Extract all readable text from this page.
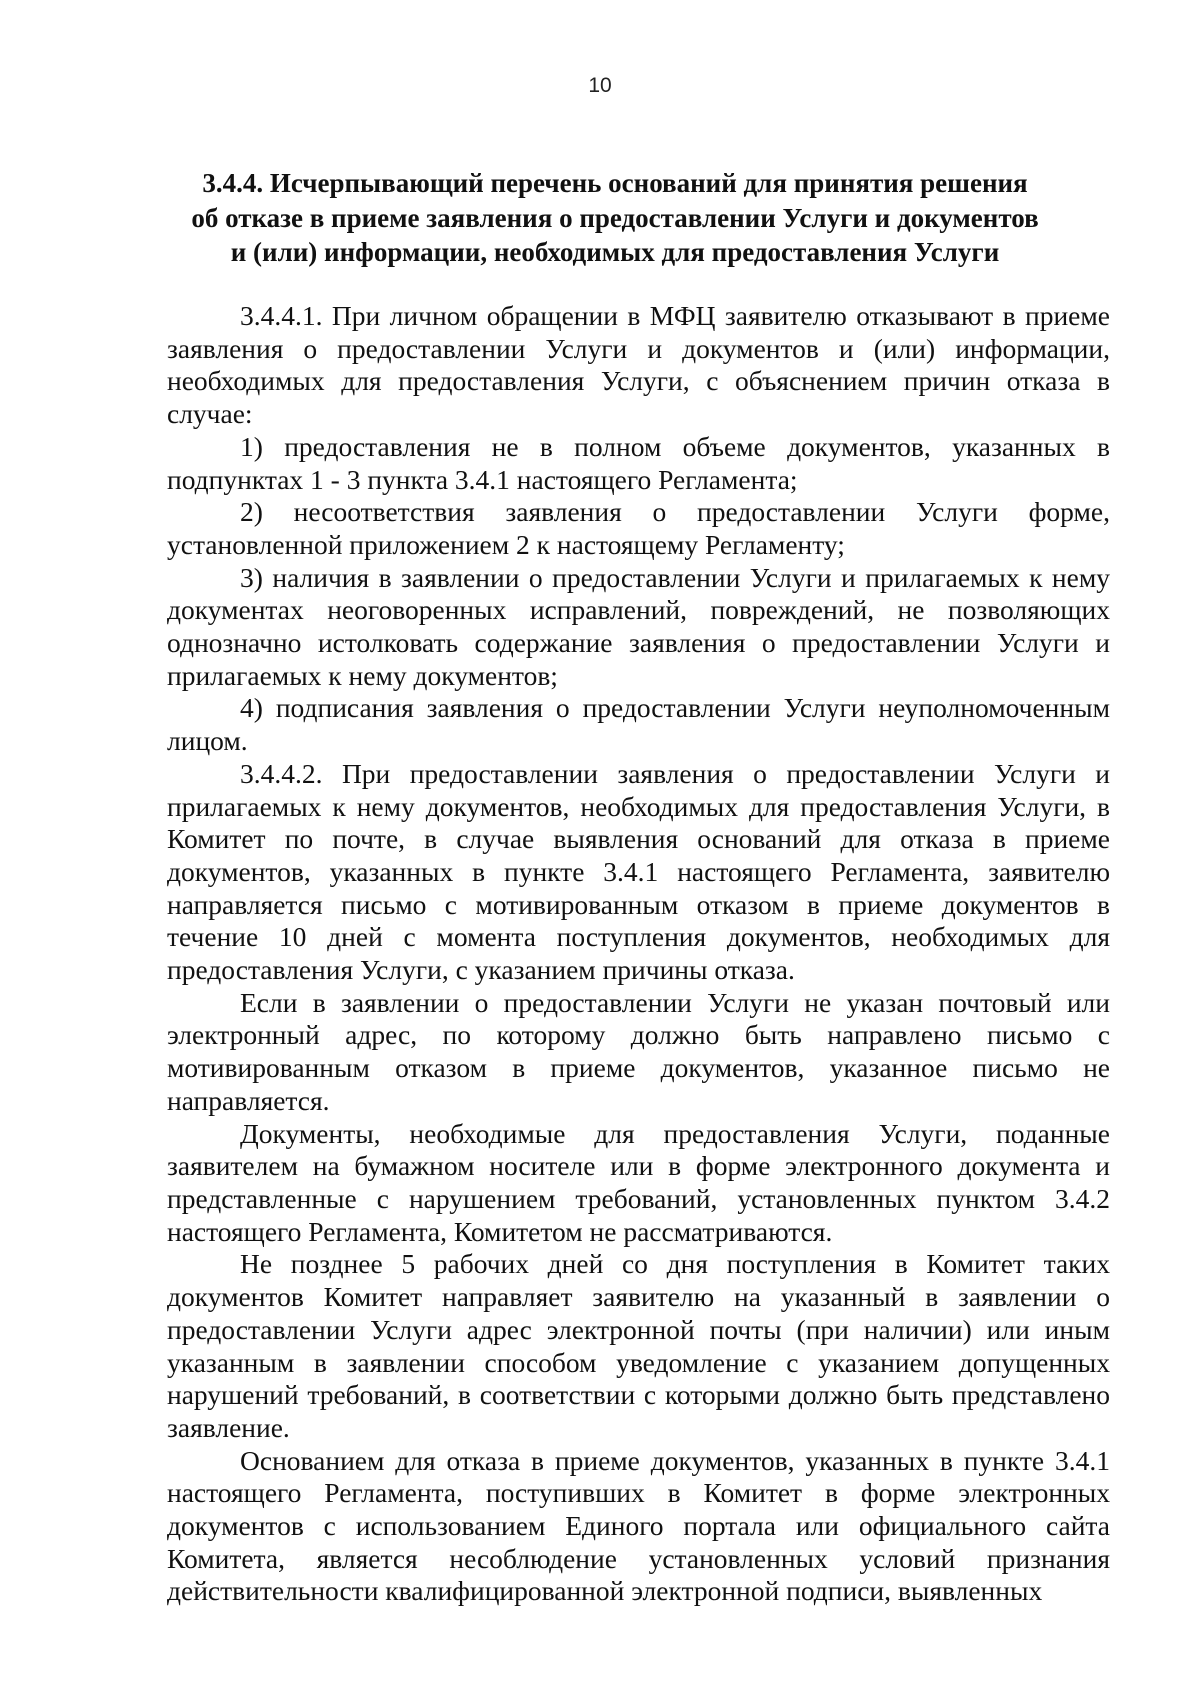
10
3.4.4. Исчерпывающий перечень оснований для принятия решения
об отказе в приеме заявления о предоставлении Услуги и документов
и (или) информации, необходимых для предоставления Услуги

3.4.4.1. При личном обращении в МФЦ заявителю отказывают в приеме заявления о предоставлении Услуги и документов и (или) информации, необходимых для предоставления Услуги, с объяснением причин отказа в случае:

1) предоставления не в полном объеме документов, указанных в подпунктах 1 - 3 пункта 3.4.1 настоящего Регламента;

2) несоответствия заявления о предоставлении Услуги форме, установленной приложением 2 к настоящему Регламенту;

3) наличия в заявлении о предоставлении Услуги и прилагаемых к нему документах неоговоренных исправлений, повреждений, не позволяющих однозначно истолковать содержание заявления о предоставлении Услуги и прилагаемых к нему документов;

4) подписания заявления о предоставлении Услуги неуполномоченным лицом.

3.4.4.2. При предоставлении заявления о предоставлении Услуги и прилагаемых к нему документов, необходимых для предоставления Услуги, в Комитет по почте, в случае выявления оснований для отказа в приеме документов, указанных в пункте 3.4.1 настоящего Регламента, заявителю направляется письмо с мотивированным отказом в приеме документов в течение 10 дней с момента поступления документов, необходимых для предоставления Услуги, с указанием причины отказа.

Если в заявлении о предоставлении Услуги не указан почтовый или электронный адрес, по которому должно быть направлено письмо с мотивированным отказом в приеме документов, указанное письмо не направляется.

Документы, необходимые для предоставления Услуги, поданные заявителем на бумажном носителе или в форме электронного документа и представленные с нарушением требований, установленных пунктом 3.4.2 настоящего Регламента, Комитетом не рассматриваются.

Не позднее 5 рабочих дней со дня поступления в Комитет таких документов Комитет направляет заявителю на указанный в заявлении о предоставлении Услуги адрес электронной почты (при наличии) или иным указанным в заявлении способом уведомление с указанием допущенных нарушений требований, в соответствии с которыми должно быть представлено заявление.

Основанием для отказа в приеме документов, указанных в пункте 3.4.1 настоящего Регламента, поступивших в Комитет в форме электронных документов с использованием Единого портала или официального сайта Комитета, является несоблюдение установленных условий признания действительности квалифицированной электронной подписи, выявленных
